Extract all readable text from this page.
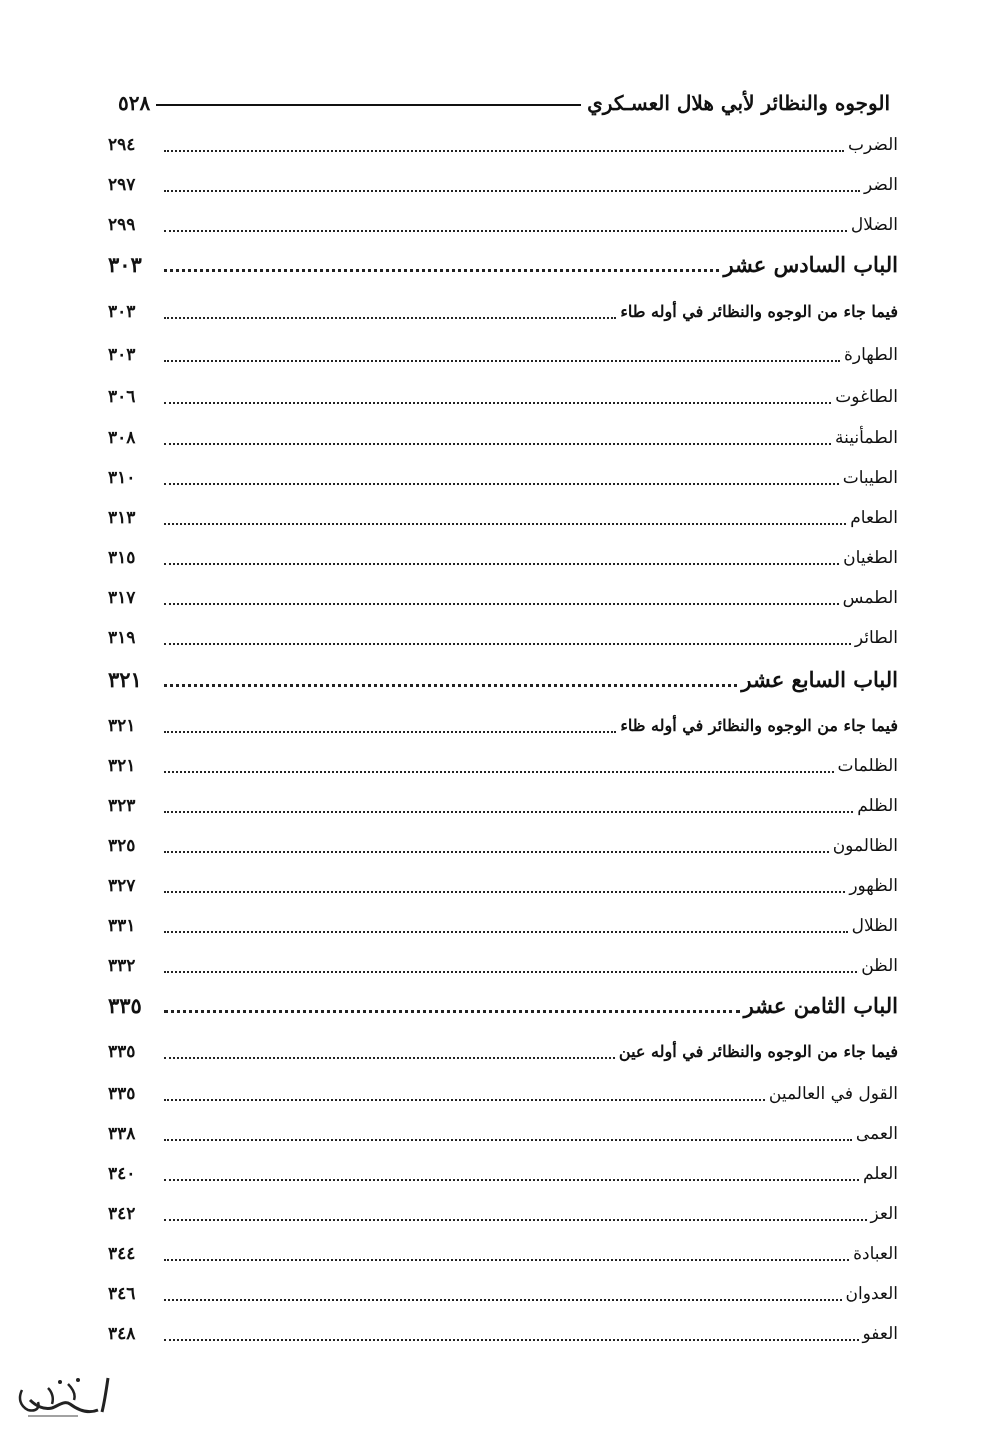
الوجوه والنظائر لأبي هلال العسـكري
٥٢٨
الضرب
٢٩٤
الضر
٢٩٧
الضلال
٢٩٩
الباب السادس عشر
٣٠٣
فيما جاء من الوجوه والنظائر في أوله طاء
٣٠٣
الطهارة
٣٠٣
الطاغوت
٣٠٦
الطمأنينة
٣٠٨
الطيبات
٣١٠
الطعام
٣١٣
الطغيان
٣١٥
الطمس
٣١٧
الطائر
٣١٩
الباب السابع عشر
٣٢١
فيما جاء من الوجوه والنظائر في أوله ظاء
٣٢١
الظلمات
٣٢١
الظلم
٣٢٣
الظالمون
٣٢٥
الظهور
٣٢٧
الظلال
٣٣١
الظن
٣٣٢
الباب الثامن عشر
٣٣٥
فيما جاء من الوجوه والنظائر في أوله عين
٣٣٥
القول في العالمين
٣٣٥
العمى
٣٣٨
العلم
٣٤٠
العز
٣٤٢
العبادة
٣٤٤
العدوان
٣٤٦
العفو
٣٤٨
